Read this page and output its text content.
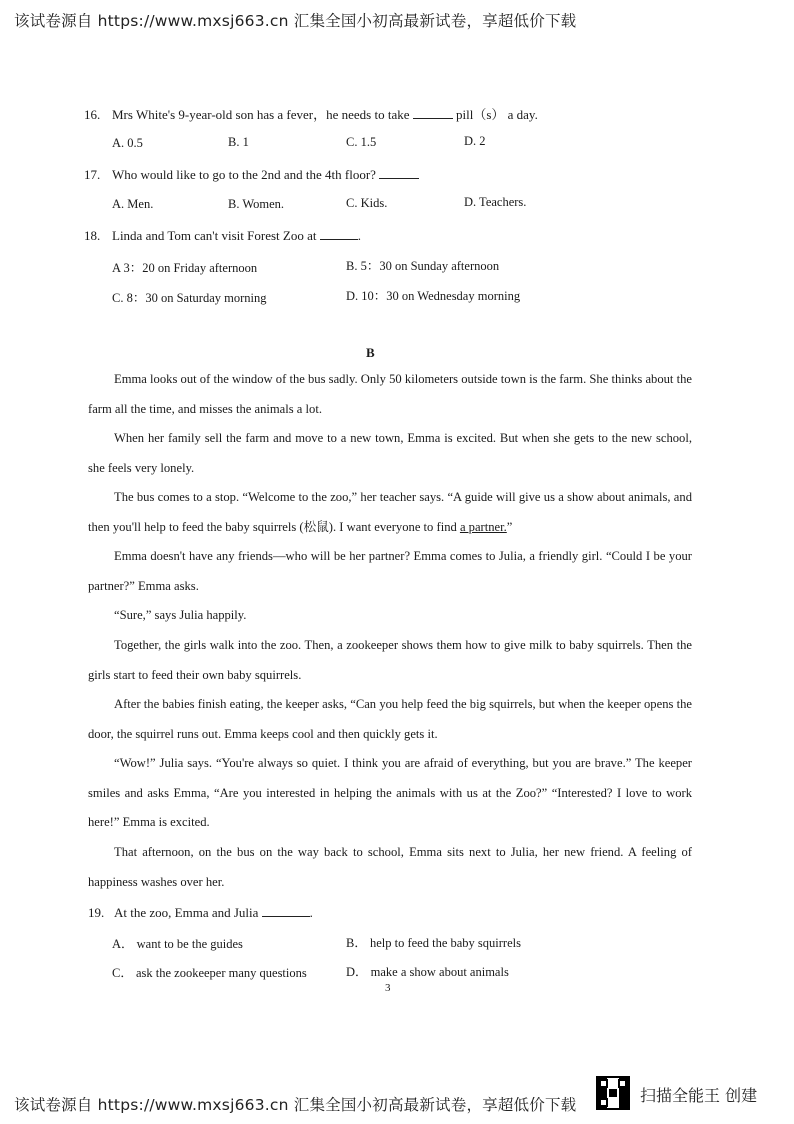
该试卷源自 https://www.mxsj663.cn 汇集全国小初高最新试卷，享超低价下载
16. Mrs White's 9-year-old son has a fever，he needs to take	pill（s） a day.
A. 0.5	B. 1	C. 1.5	D. 2
17. Who would like to go to the 2nd and the 4th floor?
A. Men.	B. Women.	C. Kids.	D. Teachers.
18. Linda and Tom can't visit Forest Zoo at	.
A 3：20 on Friday afternoon	B. 5：30 on Sunday afternoon
C. 8：30 on Saturday morning	D. 10：30 on Wednesday morning
B
Emma looks out of the window of the bus sadly. Only 50 kilometers outside town is the farm. She thinks about the farm all the time, and misses the animals a lot.
When her family sell the farm and move to a new town, Emma is excited. But when she gets to the new school, she feels very lonely.
The bus comes to a stop. “Welcome to the zoo,” her teacher says. “A guide will give us a show about animals, and then you'll help to feed the baby squirrels (松鼠). I want everyone to find a partner.”
Emma doesn't have any friends—who will be her partner? Emma comes to Julia, a friendly girl. “Could I be your partner?” Emma asks.
“Sure,” says Julia happily.
Together, the girls walk into the zoo. Then, a zookeeper shows them how to give milk to baby squirrels. Then the girls start to feed their own baby squirrels.
After the babies finish eating, the keeper asks, “Can you help feed the big squirrels, but when the keeper opens the door, the squirrel runs out. Emma keeps cool and then quickly gets it.
“Wow!” Julia says. “You're always so quiet. I think you are afraid of everything, but you are brave.” The keeper smiles and asks Emma, “Are you interested in helping the animals with us at the Zoo?” “Interested? I love to work here!” Emma is excited.
That afternoon, on the bus on the way back to school, Emma sits next to Julia, her new friend. A feeling of happiness washes over her.
19. At the zoo, Emma and Julia	.
A． want to be the guides	B． help to feed the baby squirrels
C． ask the zookeeper many questions	D． make a show about animals
3
该试卷源自 https://www.mxsj663.cn 汇集全国小初高最新试卷，享超低价下载	扫描全能王 创建
